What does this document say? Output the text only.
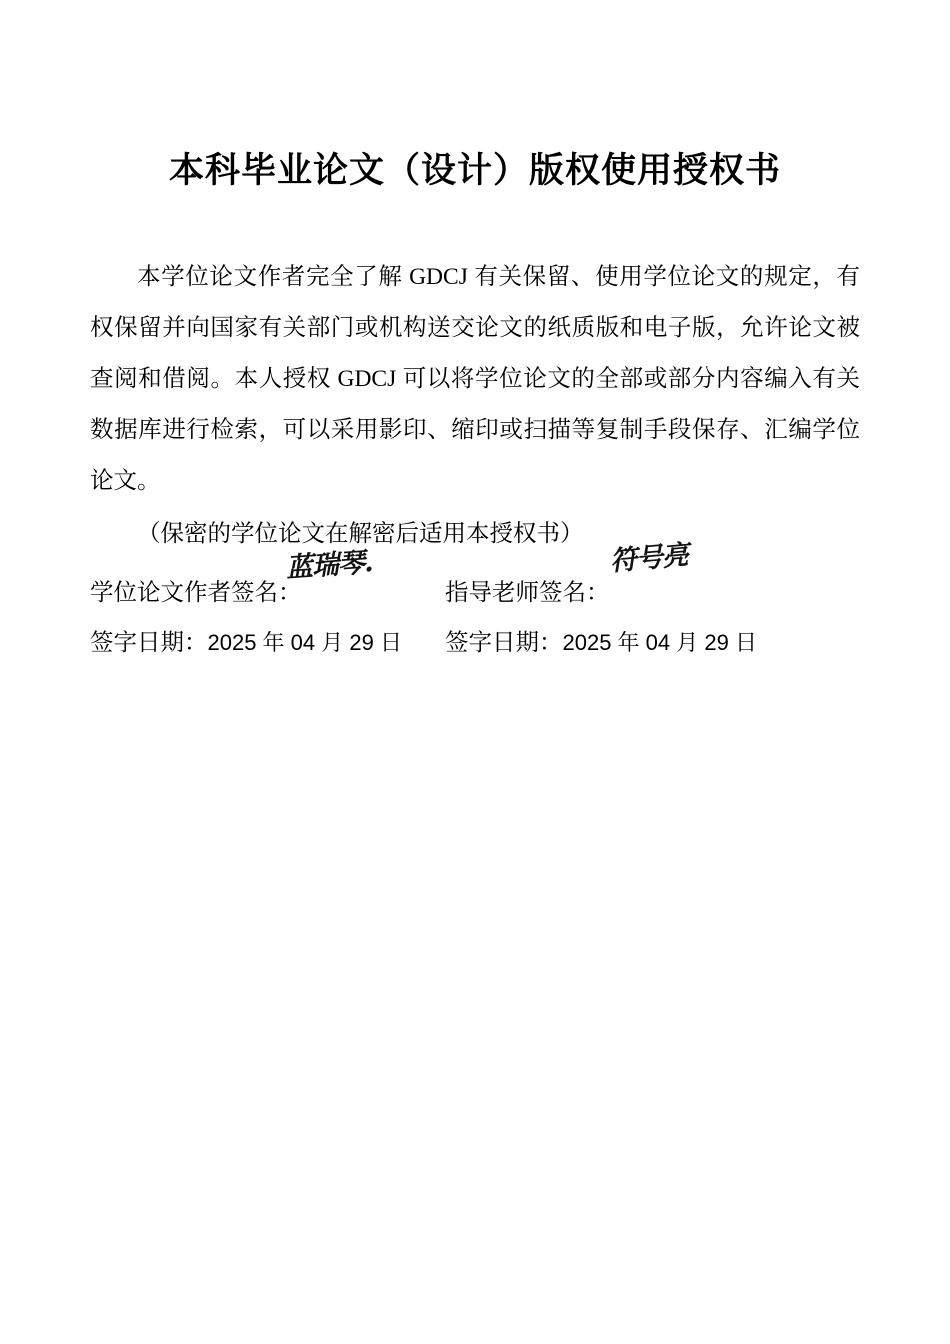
本科毕业论文（设计）版权使用授权书

本学位论文作者完全了解 GDCJ 有关保留、使用学位论文的规定，有权保留并向国家有关部门或机构送交论文的纸质版和电子版，允许论文被查阅和借阅。本人授权 GDCJ 可以将学位论文的全部或部分内容编入有关数据库进行检索，可以采用影印、缩印或扫描等复制手段保存、汇编学位论文。

（保密的学位论文在解密后适用本授权书）

学位论文作者签名：
蓝瑞琴.
指导老师签名：
符号亮
签字日期：2025 年 04 月 29 日	签字日期：2025 年 04 月 29 日
